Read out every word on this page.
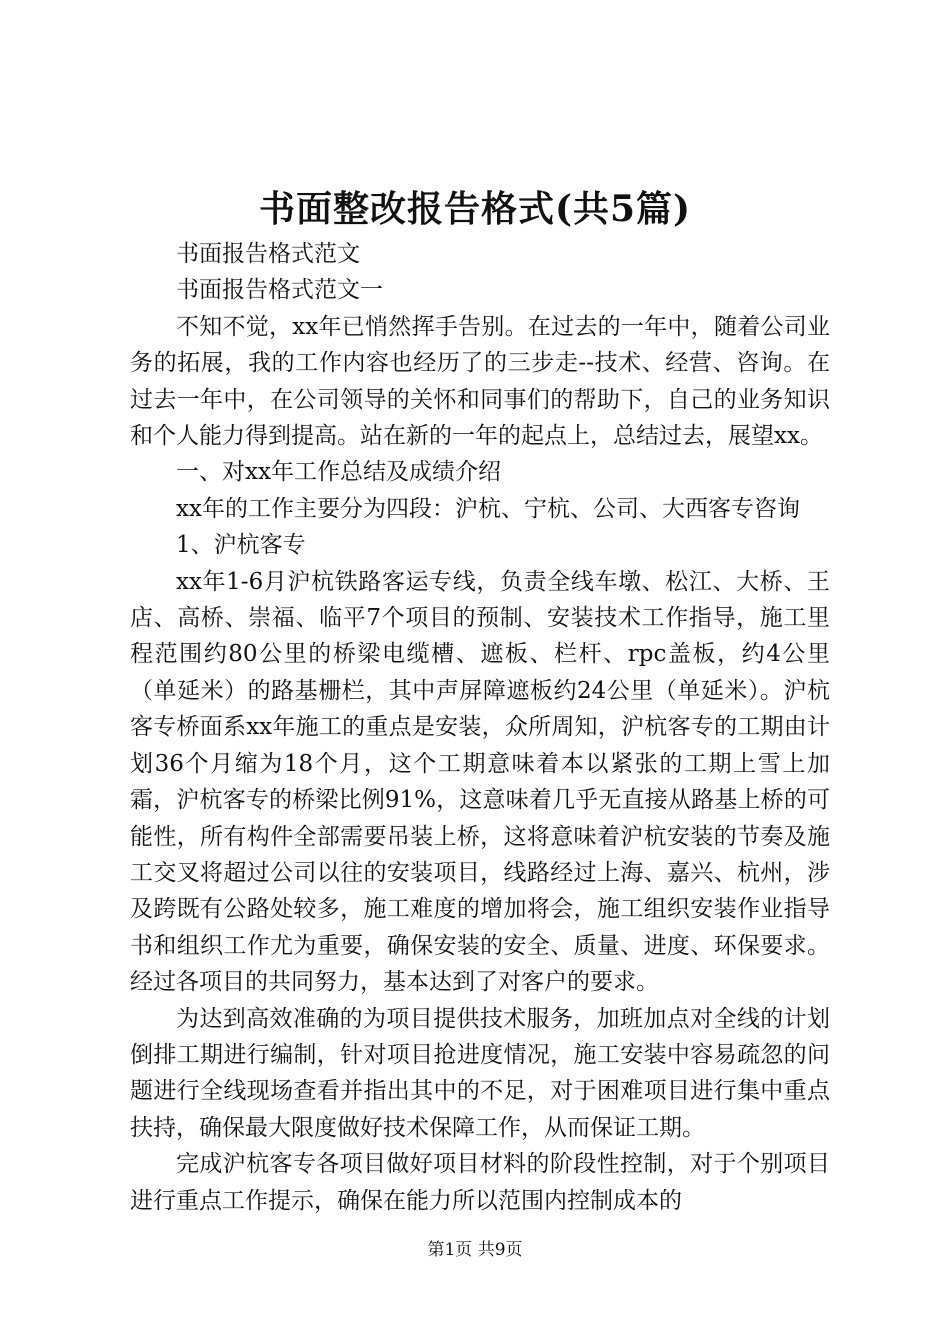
书面整改报告格式(共5篇)

书面报告格式范文

书面报告格式范文一

不知不觉，xx年已悄然挥手告别。在过去的一年中，随着公司业务的拓展，我的工作内容也经历了的三步走--技术、经营、咨询。在过去一年中，在公司领导的关怀和同事们的帮助下，自己的业务知识和个人能力得到提高。站在新的一年的起点上，总结过去，展望xx。

一、对xx年工作总结及成绩介绍

xx年的工作主要分为四段：沪杭、宁杭、公司、大西客专咨询

1、沪杭客专

xx年1-6月沪杭铁路客运专线，负责全线车墩、松江、大桥、王店、高桥、崇福、临平7个项目的预制、安装技术工作指导，施工里程范围约80公里的桥梁电缆槽、遮板、栏杆、rpc盖板，约4公里（单延米）的路基栅栏，其中声屏障遮板约24公里（单延米）。沪杭客专桥面系xx年施工的重点是安装，众所周知，沪杭客专的工期由计划36个月缩为18个月，这个工期意味着本以紧张的工期上雪上加霜，沪杭客专的桥梁比例91%，这意味着几乎无直接从路基上桥的可能性，所有构件全部需要吊装上桥，这将意味着沪杭安装的节奏及施工交叉将超过公司以往的安装项目，线路经过上海、嘉兴、杭州，涉及跨既有公路处较多，施工难度的增加将会，施工组织安装作业指导书和组织工作尤为重要，确保安装的安全、质量、进度、环保要求。经过各项目的共同努力，基本达到了对客户的要求。

为达到高效准确的为项目提供技术服务，加班加点对全线的计划倒排工期进行编制，针对项目抢进度情况，施工安装中容易疏忽的问题进行全线现场查看并指出其中的不足，对于困难项目进行集中重点扶持，确保最大限度做好技术保障工作，从而保证工期。

完成沪杭客专各项目做好项目材料的阶段性控制，对于个别项目进行重点工作提示，确保在能力所以范围内控制成本的

第1页 共9页
